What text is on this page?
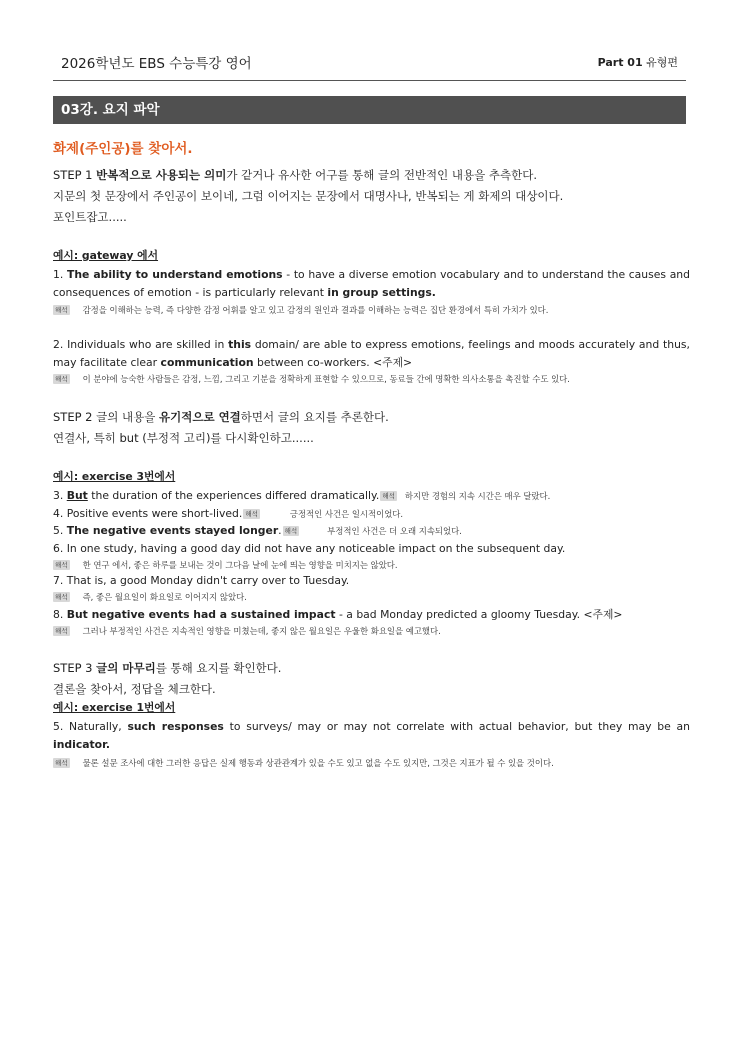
2026학년도 EBS 수능특강 영어	Part 01 유형편
03강. 요지 파악
화제(주인공)를 찾아서.
STEP 1 반복적으로 사용되는 의미가 같거나 유사한 어구를 통해 글의 전반적인 내용을 추측한다.
지문의 첫 문장에서 주인공이 보이네, 그럼 이어지는 문장에서 대명사나, 반복되는 게 화제의 대상이다.
포인트잡고.....
예시: gateway 에서
1. The ability to understand emotions - to have a diverse emotion vocabulary and to understand the causes and
consequences of emotion - is particularly relevant in group settings.
해석 감정을 이해하는 능력, 즉 다양한 감정 어휘를 알고 있고 감정의 원인과 결과를 이해하는 능력은 집단 환경에서 특히 가치가 있다.
2. Individuals who are skilled in this domain/ are able to express emotions, feelings and moods accurately and thus,
may facilitate clear communication between co-workers. <주제>
해석 이 분야에 능숙한 사람들은 감정, 느낌, 그리고 기분을 정확하게 표현할 수 있으므로, 동료들 간에 명확한 의사소통을 촉진할 수도 있다.
STEP 2 글의 내용을 유기적으로 연결하면서 글의 요지를 추론한다.
연결사, 특히 but (부정적 고리)를 다시확인하고......
예시: exercise 3번에서
3. But the duration of the experiences differed dramatically. 해석 하지만 경험의 지속 시간은 매우 달랐다.
4. Positive events were short-lived. 해석	긍정적인 사건은 일시적이었다.
5. The negative events stayed longer. 해석	부정적인 사건은 더 오래 지속되었다.
6. In one study, having a good day did not have any noticeable impact on the subsequent day.
해석 한 연구 에서, 좋은 하루를 보내는 것이 그다음 날에 눈에 띄는 영향을 미치지는 않았다.
7. That is, a good Monday didn't carry over to Tuesday.
해석 즉, 좋은 월요일이 화요일로 이어지지 않았다.
8. But negative events had a sustained impact - a bad Monday predicted a gloomy Tuesday. <주제>
해석 그러나 부정적인 사건은 지속적인 영향을 미쳤는데, 좋지 않은 월요일은 우울한 화요일을 예고했다.
STEP 3 글의 마무리를 통해 요지를 확인한다.
결론을 찾아서, 정답을 체크한다.
예시: exercise 1번에서
5. Naturally, such responses to surveys/ may or may not correlate with actual behavior, but they may be an
indicator.
해석 물론 설문 조사에 대한 그러한 응답은 실제 행동과 상관관계가 있을 수도 있고 없을 수도 있지만, 그것은 지표가 될 수 있을 것이다.
